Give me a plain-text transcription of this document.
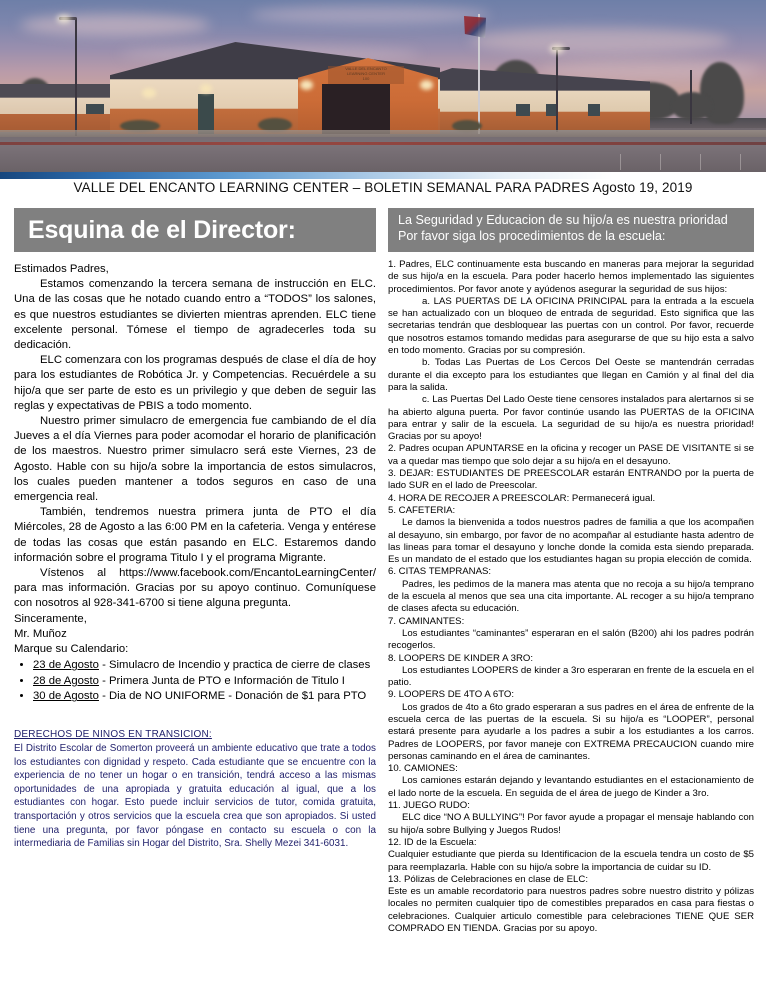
VALLE DEL ENCANTO
LEARNING CENTER
100
VALLE DEL ENCANTO LEARNING CENTER – BOLETIN SEMANAL PARA PADRES Agosto 19, 2019
Esquina de el Director:

Estimados Padres,

Estamos comenzando la tercera semana de instrucción en ELC. Una de las cosas que he notado cuando entro a “TODOS” los salones, es que nuestros estudiantes se divierten mientras aprenden. ELC tiene excelente personal. Tómese el tiempo de agradecerles toda su dedicación.

ELC comenzara con los programas después de clase el día de hoy para los estudiantes de Robótica Jr. y Competencias. Recuérdele a su hijo/a que ser parte de esto es un privilegio y que deben de seguir las reglas y expectativas de PBIS a todo momento.

Nuestro primer simulacro de emergencia fue cambiando de el día Jueves a el día Viernes para poder acomodar el horario de planificación de los maestros. Nuestro primer simulacro será este Viernes, 23 de Agosto. Hable con su hijo/a sobre la importancia de estos simulacros, los cuales pueden mantener a todos seguros en caso de una emergencia real.

También, tendremos nuestra primera junta de PTO el día Miércoles, 28 de Agosto a las 6:00 PM en la cafeteria. Venga y entérese de todas las cosas que están pasando en ELC. Estaremos dando información sobre el programa Titulo I y el programa Migrante.

Vístenos al https://www.facebook.com/EncantoLearningCenter/ para mas información. Gracias por su apoyo continuo. Comuníquese con nosotros al 928-341-6700 si tiene alguna pregunta.

Sinceramente,

Mr. Muñoz

Marque su Calendario:

• 23 de Agosto - Simulacro de Incendio y practica de cierre de clases
• 28 de Agosto - Primera Junta de PTO e Información de Titulo I
• 30 de Agosto - Dia de NO UNIFORME - Donación de $1 para PTO
DERECHOS DE NINOS EN TRANSICION:
El Distrito Escolar de Somerton proveerá un ambiente educativo que trate a todos los estudiantes con dignidad y respeto. Cada estudiante que se encuentre con la experiencia de no tener un hogar o en transición, tendrá acceso a las mismas oportunidades de una apropiada y gratuita educación al igual, que a los estudiantes con hogar. Esto puede incluir servicios de tutor, comida gratuita, transportación y otros servicios que la escuela crea que son apropiados. Si usted tiene una pregunta, por favor póngase en contacto su escuela o con la intermediaria de Familias sin Hogar del Distrito, Sra. Shelly Mezei 341-6031.
La Seguridad y Educacion de su hijo/a es nuestra prioridad
Por favor siga los procedimientos de la escuela:

1. Padres, ELC continuamente esta buscando en maneras para mejorar la seguridad de sus hijo/a en la escuela. Para poder hacerlo hemos implementado las siguientes procedimientos. Por favor anote y ayúdenos asegurar la seguridad de sus hijos:

a. LAS PUERTAS DE LA OFICINA PRINCIPAL para la entrada a la escuela se han actualizado con un bloqueo de entrada de seguridad. Esto significa que las secretarias tendrán que desbloquear las puertas con un control. Por favor, recuerde que nosotros estamos tomando medidas para asegurarse de que su hijo esta a salvo en todo momento. Gracias por su compresión.

b. Todas Las Puertas de Los Cercos Del Oeste se mantendrán cerradas durante el dia excepto para los estudiantes que llegan en Camión y al final del dia para la salida.

c. Las Puertas Del Lado Oeste tiene censores instalados para alertarnos si se ha abierto alguna puerta. Por favor continúe usando las PUERTAS de la OFICINA para entrar y salir de la escuela. La seguridad de su hijo/a es nuestra prioridad! Gracias por su apoyo!

2. Padres ocupan APUNTARSE en la oficina y recoger un PASE DE VISITANTE si se va a quedar mas tiempo que solo dejar a su hijo/a en el desayuno.

3. DEJAR: ESTUDIANTES DE PREESCOLAR estarán ENTRANDO por la puerta de lado SUR en el lado de Preescolar.

4. HORA DE RECOJER A PREESCOLAR: Permanecerá igual.

5. CAFETERIA:

Le damos la bienvenida a todos nuestros padres de familia a que los acompañen al desayuno, sin embargo, por favor de no acompañar al estudiante hasta adentro de las lineas para tomar el desayuno y lonche donde la comida esta siendo preparada. Es un mandato de el estado que los estudiantes hagan su propia elección de comida.

6. CITAS TEMPRANAS:

Padres, les pedimos de la manera mas atenta que no recoja a su hijo/a temprano de la escuela al menos que sea una cita importante. AL recoger a su hijo/a temprano de clases afecta su educación.

7. CAMINANTES:

Los estudiantes “caminantes” esperaran en el salón (B200) ahi los padres podrán recogerlos.

8. LOOPERS DE KINDER A 3RO:

Los estudiantes LOOPERS de kinder a 3ro esperaran en frente de la escuela en el patio.

9. LOOPERS DE 4TO A 6TO:

Los grados de 4to a 6to grado esperaran a sus padres en el área de enfrente de la escuela cerca de las puertas de la escuela. Si su hijo/a es “LOOPER”, personal estará presente para ayudarle a los padres a subir a los estudiantes a los carros. Padres de LOOPERS, por favor maneje con EXTREMA PRECAUCION cuando mire personas caminando en el área de caminantes.

10. CAMIONES:

Los camiones estarán dejando y levantando estudiantes en el estacionamiento de el lado norte de la escuela. En seguida de el área de juego de Kinder a 3ro.

11. JUEGO RUDO:

ELC dice “NO A BULLYING”! Por favor ayude a propagar el mensaje hablando con su hijo/a sobre Bullying y Juegos Rudos!

12. ID de la Escuela:

Cualquier estudiante que pierda su Identificacion de la escuela tendra un costo de $5 para reemplazarla. Hable con su hijo/a sobre la importancia de cuidar su ID.

13. Pólizas de Celebraciones en clase de ELC:

Este es un amable recordatorio para nuestros padres sobre nuestro distrito y pólizas locales no permiten cualquier tipo de comestibles preparados en casa para fiestas o celebraciones. Cualquier articulo comestible para celebraciones TIENE QUE SER COMPRADO EN TIENDA. Gracias por su apoyo.
